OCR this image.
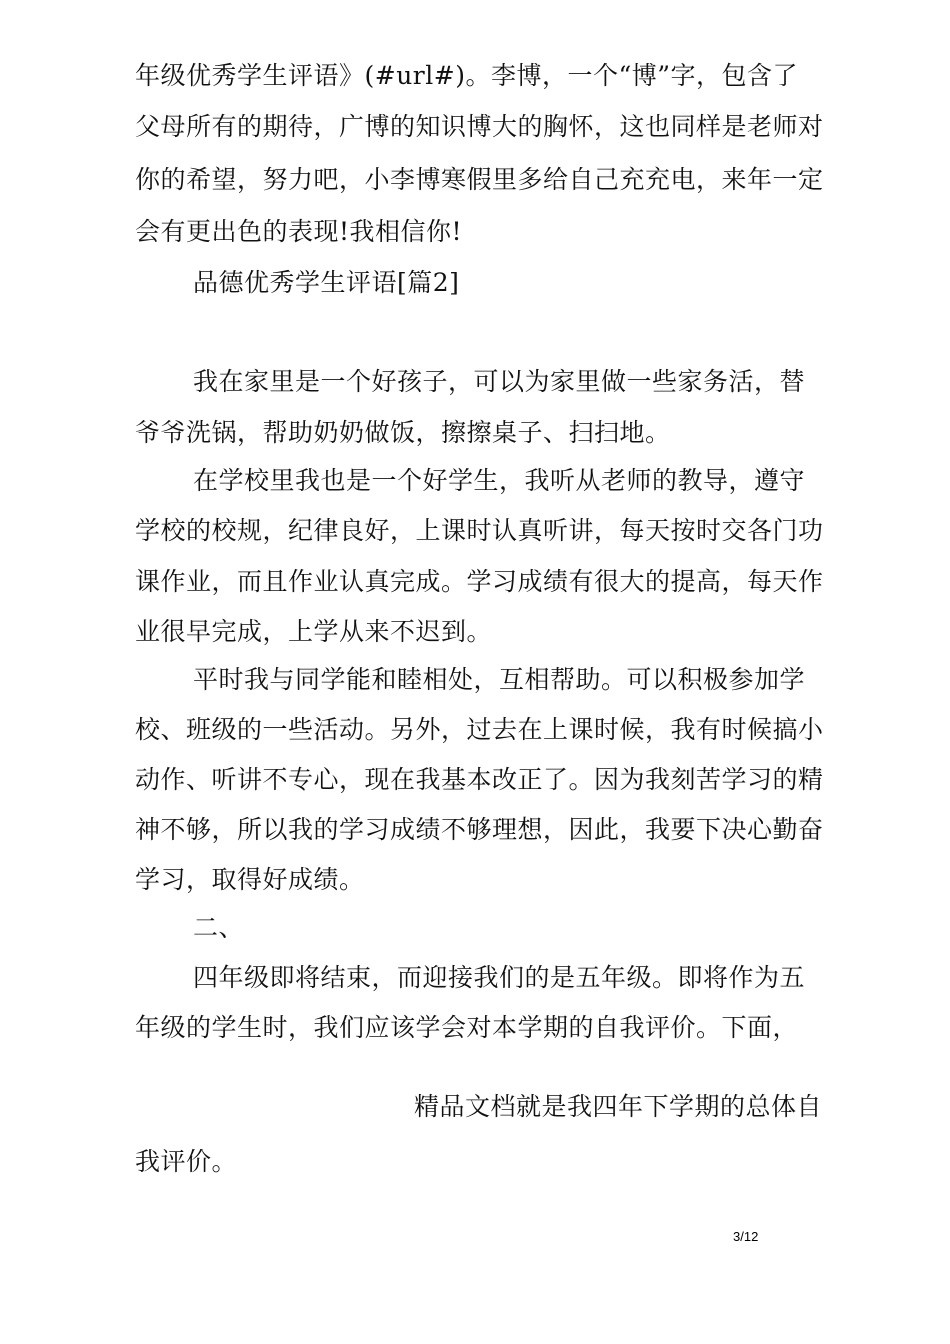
年级优秀学生评语》(#url#)。李博，一个“博”字，包含了
父母所有的期待，广博的知识博大的胸怀，这也同样是老师对
你的希望，努力吧，小李博寒假里多给自己充充电，来年一定
会有更出色的表现!我相信你!
品德优秀学生评语[篇2]
我在家里是一个好孩子，可以为家里做一些家务活，替
爷爷洗锅，帮助奶奶做饭，擦擦桌子、扫扫地。
在学校里我也是一个好学生，我听从老师的教导，遵守
学校的校规，纪律良好，上课时认真听讲，每天按时交各门功
课作业，而且作业认真完成。学习成绩有很大的提高，每天作
业很早完成，上学从来不迟到。
平时我与同学能和睦相处，互相帮助。可以积极参加学
校、班级的一些活动。另外，过去在上课时候，我有时候搞小
动作、听讲不专心，现在我基本改正了。因为我刻苦学习的精
神不够，所以我的学习成绩不够理想，因此，我要下决心勤奋
学习，取得好成绩。
二、
四年级即将结束，而迎接我们的是五年级。即将作为五
年级的学生时，我们应该学会对本学期的自我评价。下面，
精品文档就是我四年下学期的总体自
我评价。
3/12
